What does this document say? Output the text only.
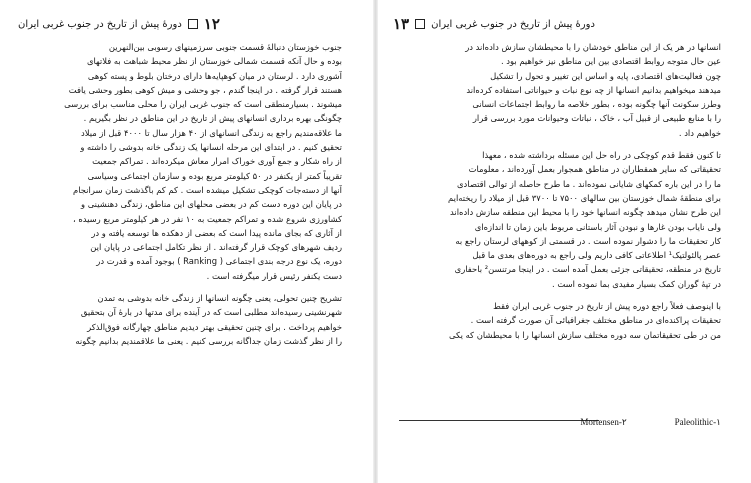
۱۲
دورهٔ پیش از تاریخ در جنوب غربی ایران
جنوب خوزستان دنبالهٔ قسمت جنوبی سرزمینهای رسوبی بین‌النهرین
بوده و حال آنکه قسمت شمالی خوزستان از نظر محیط شباهت به فلاتهای
آشوری دارد . لرستان در میان کوهپایه‌ها دارای درختان بلوط و پسته کوهی
هستند قرار گرفته . در اینجا گندم ، جو وحشی و میش کوهی بطور وحشی یافت
میشوند . بسیارمنطقی است که جنوب غربی ایران را محلی مناسب برای بررسی
چگونگی بهره برداری انسانهای پیش از تاریخ در این مناطق در نظر بگیریم .
ما علاقه‌مندیم راجع به زندگی انسانهای از ۴۰ هزار سال تا ۴۰۰۰ قبل از میلاد
تحقیق کنیم . در ابتدای این مرحله انسانها یک زندگی خانه بدوشی را داشته و
از راه شکار و جمع آوری خوراک امرار معاش میکرده‌اند . تمراکم جمعیت
تقریباً کمتر از یکنفر در ۵۰ کیلومتر مربع بوده و سازمان اجتماعی وسیاسی
آنها از دسته‌جات کوچکی تشکیل میشده است . کم کم باگذشت زمان سرانجام
در پایان این دوره دست کم در بعضی محلهای این مناطق، زندگی دهنشینی و
کشاورزی شروع شده و تمراکم جمعیت به ۱۰ نفر در هر کیلومتر مربع رسیده ،
از آثاری که بجای مانده پیدا است که بعضی از دهکده ها توسعه یافته و در
ردیف شهرهای کوچک قرار گرفته‌اند . از نظر تکامل اجتماعی در پایان این
دوره، یک نوع درجه بندی اجتماعی ( Ranking ) بوجود آمده و قدرت در
دست یکنفر رئیس قرار میگرفته است .
تشریح چنین تحولی، یعنی چگونه انسانها از زندگی خانه بدوشی به تمدن
شهرنشینی رسیده‌اند مطلبی است که در آینده برای مدتها در بارهٔ آن بتحقیق
خواهیم پرداخت . برای چنین تحقیقی بهتر دیدیم مناطق چهارگانه فوق‌الذکر
را از نظر گذشت زمان جداگانه بررسی کنیم . یعنی ما علاقمندیم بدانیم چگونه
دورهٔ پیش از تاریخ در جنوب غربی ایران
۱۳
انسانها در هر یک از این مناطق خودشان را با محیطشان سازش داده‌اند در
عین حال متوجه روابط اقتصادی بین این مناطق نیز خواهیم بود .
چون فعالیت‌های اقتصادی، پایه و اساس این تغییر و تحول را تشکیل
میدهند میخواهیم بدانیم انسانها از چه نوع نبات و حیواناتی استفاده کرده‌اند
وطرز سکونت آنها چگونه بوده ، بطور خلاصه ما روابط اجتماعات انسانی
را با منابع طبیعی از قبیل آب ، خاک ، نباتات وحیوانات مورد بررسی قرار
خواهیم داد .
تا کنون فقط قدم کوچکی در راه حل این مسئله برداشته شده ، معهذا
تحقیقاتی که سایر همقطاران در مناطق همجوار بعمل آورده‌اند ، معلومات
ما را در این باره کمکهای شایانی نموده‌اند . ما طرح حاصله از توالی اقتصادی
برای منطقهٔ شمال خوزستان بین سالهای ۷۵۰۰ تا ۳۷۰۰ قبل از میلاد را ریخته‌ایم
این طرح نشان میدهد چگونه انسانها خود را با محیط این منطقه سازش داده‌اند
ولی نایاب بودن غارها و نبودن آثار باستانی مربوط باین زمان تا اندازه‌ای
کار تحقیقات ما را دشوار نموده است . در قسمتی از کوههای لرستان راجع به
عصر پالئولتیک¹ اطلاعاتی کافی داریم ولی راجع به دوره‌های بعدی ما قبل
تاریخ در منطقه، تحقیقاتی جزئی بعمل آمده است . در اینجا مرتنسن² باحفاری
در تپهٔ گوران کمک بسیار مفیدی بما نموده است .
با اینوصف فعلاً راجع دوره پیش از تاریخ در جنوب غربی ایران فقط
تحقیقات پراکنده‌ای در مناطق مختلف جغرافیائی آن صورت گرفته است .
من در طی تحقیقاتمان سه دوره مختلف سازش انسانها را با محیطشان که یکی
Mortensen-۲	Paleolithic-۱
